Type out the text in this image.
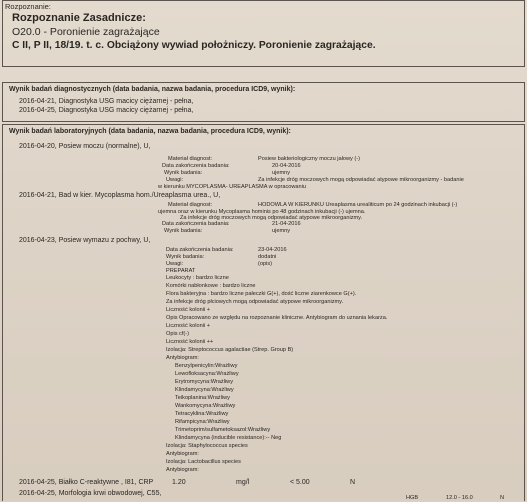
Rozpoznanie:
Rozpoznanie Zasadnicze:
O20.0 - Poronienie zagrażające
C II, P II, 18/19. t. c. Obciążony wywiad położniczy. Poronienie zagrażające.
Wynik badań diagnostycznych (data badania, nazwa badania, procedura ICD9, wynik):
2016-04-21, Diagnostyka USG macicy ciężarnej - pełna,
2016-04-25, Diagnostyka USG macicy ciężarnej - pełna,
Wynik badań laboratoryjnych (data badania, nazwa badania, procedura ICD9, wynik):
2016-04-20, Posiew moczu (normalne), U,
Materiał diagnost:	Posiew bakteriologiczny moczu jałowy (-)
Data zakończenia badania:	20-04-2016
Wynik badania:	ujemny
Uwagi:	Za infekcje dróg moczowych mogą odpowiadać atypowe mikroorganizmy - badanie
w kierunku MYCOPLASMA- UREAPLASMA w opracowaniu
2016-04-21, Bad w kier. Mycoplasma hom./Ureaplasma urea., U,
Materiał diagnost:	HODOWLA W KIERUNKU Ureaplasma urealiticum po 24 godzinach inkubacji (-)
ujemna oraz w kierunku Mycoplasma hominis po 48 godzinach inkubacji (-) ujemna.
Za infekcje dróg moczowych mogą odpowiadać atypowe mikroorganizmy.
Data zakończenia badania:	21-04-2016
Wynik badania:	ujemny
2016-04-23, Posiew wymazu z pochwy, U,
Data zakończenia badania:	23-04-2016
Wynik badania:	dodatni
Uwagi:	(opis)
PREPARAT
Leukocyty : bardzo liczne
Komórki nabłonkowe : bardzo liczne
Flora bakteryjna : bardzo liczne pałeczki G(+), dość liczne ziarenkowce G(+).
Za infekcje dróg płciowych mogą odpowiadać atypowe mikroorganizmy.
Liczność kolonii +
Opis Opracowano ze względu na rozpoznanie kliniczne. Antybiogram do uznania lekarza.
Liczność kolonii +
Opis cf(-)
Liczność kolonii ++
Izolacja: Streptococcus agalactiae (Strep. Group B)
Antybiogram:
Benzylpenicylin:Wrażliwy
Lewofloksacyna:Wrażliwy
Erytromycyna:Wrażliwy
Klindamycyna:Wrażliwy
Teikoplanina:Wrażliwy
Wankomycyna:Wrażliwy
Tetracyklina:Wrażliwy
Rifampicyna:Wrażliwy
Trimetoprim/sulfametoksazol:Wrażliwy
Klindamycyna (inducible resistance):-- Neg
Izolacja: Staphylococcus species
Antybiogram:
Izolacja: Lactobacillus species
Antybiogram:
2016-04-25, Białko C-reaktywne , I81, CRP	1.20	mg/l	< 5.00	N
2016-04-25, Morfologia krwi obwodowej, C55,
HGB	12.0 - 16.0	N
